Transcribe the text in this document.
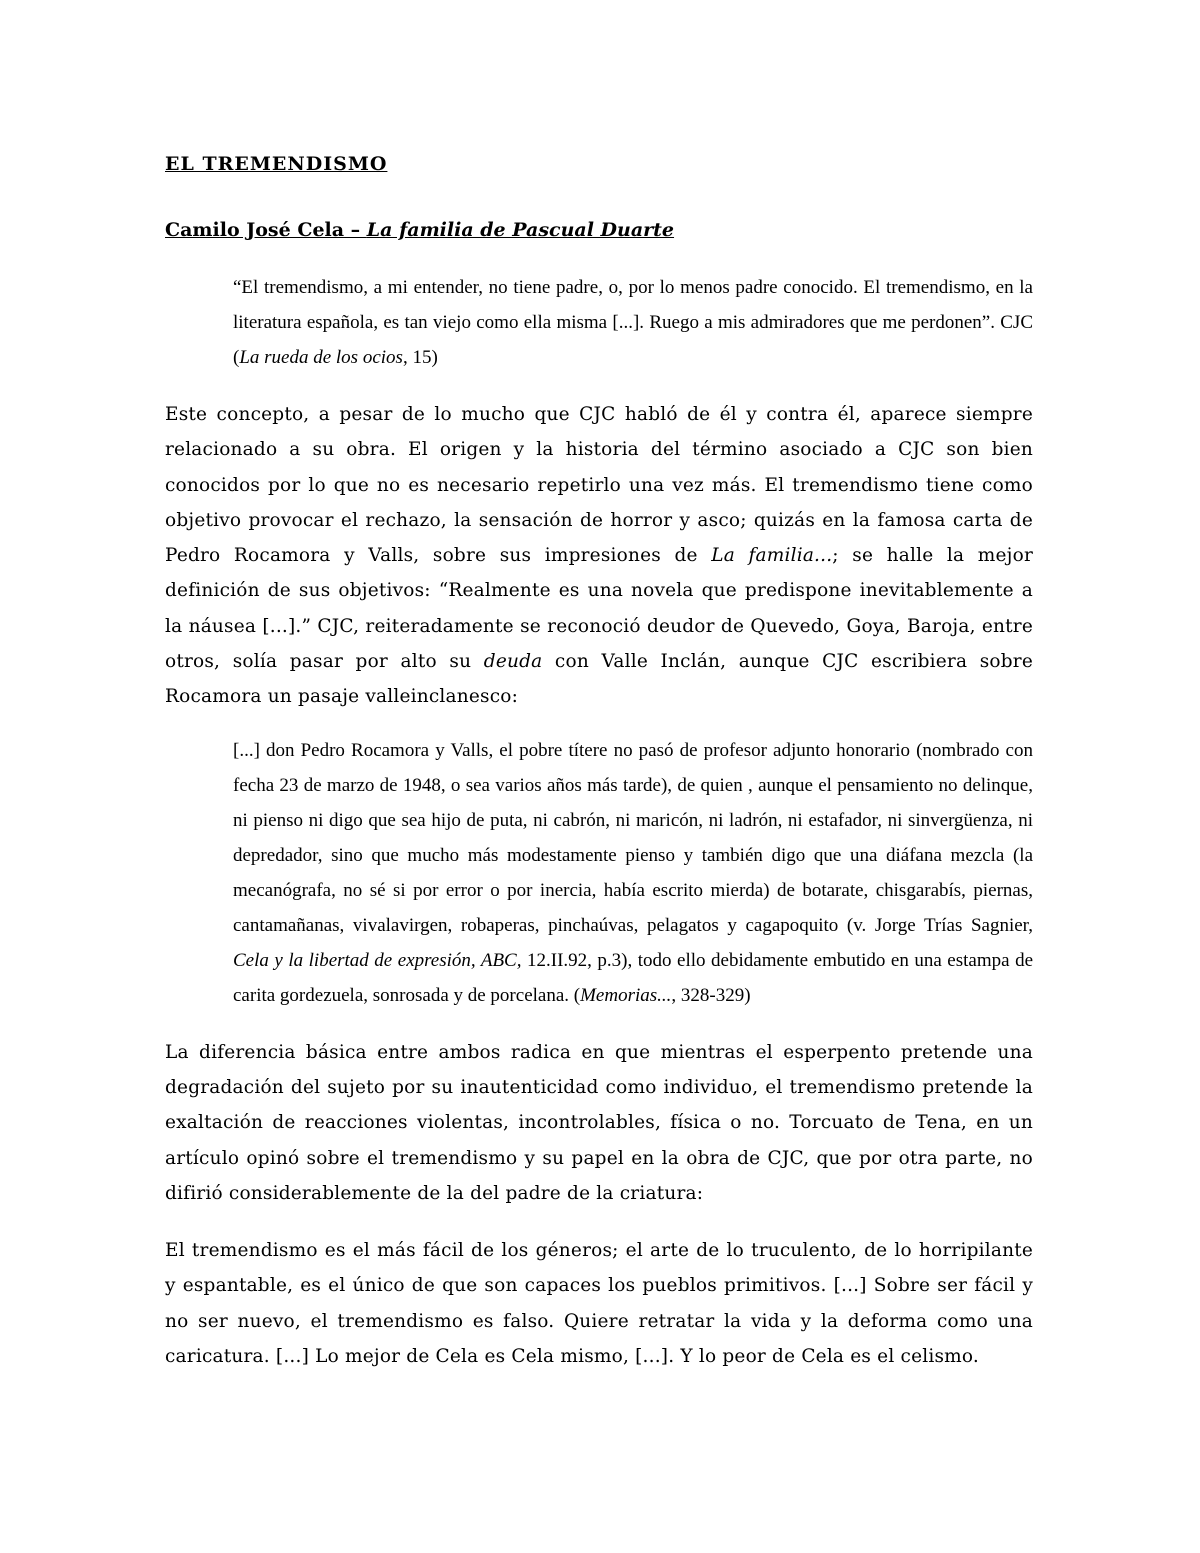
EL TREMENDISMO
Camilo José Cela – La familia de Pascual Duarte

“El tremendismo, a mi entender, no tiene padre, o, por lo menos padre conocido. El tremendismo, en la literatura española, es tan viejo como ella misma [...]. Ruego a mis admiradores que me perdonen”. CJC (La rueda de los ocios, 15)

Este concepto, a pesar de lo mucho que CJC habló de él y contra él, aparece siempre relacionado a su obra. El origen y la historia del término asociado a CJC son bien conocidos por lo que no es necesario repetirlo una vez más. El tremendismo tiene como objetivo provocar el rechazo, la sensación de horror y asco; quizás en la famosa carta de Pedro Rocamora y Valls, sobre sus impresiones de La familia...; se halle la mejor definición de sus objetivos: “Realmente es una novela que predispone inevitablemente a la náusea [...].” CJC, reiteradamente se reconoció deudor de Quevedo, Goya, Baroja, entre otros, solía pasar por alto su deuda con Valle Inclán, aunque CJC escribiera sobre Rocamora un pasaje valleinclanesco:

[...] don Pedro Rocamora y Valls, el pobre títere no pasó de profesor adjunto honorario (nombrado con fecha 23 de marzo de 1948, o sea varios años más tarde), de quien , aunque el pensamiento no delinque, ni pienso ni digo que sea hijo de puta, ni cabrón, ni maricón, ni ladrón, ni estafador, ni sinvergüenza, ni depredador, sino que mucho más modestamente pienso y también digo que una diáfana mezcla (la mecanógrafa, no sé si por error o por inercia, había escrito mierda) de botarate, chisgarabís, piernas, cantamañanas, vivalavirgen, robaperas, pinchaúvas, pelagatos y cagapoquito (v. Jorge Trías Sagnier, Cela y la libertad de expresión, ABC, 12.II.92, p.3), todo ello debidamente embutido en una estampa de carita gordezuela, sonrosada y de porcelana. (Memorias..., 328-329)

La diferencia básica entre ambos radica en que mientras el esperpento pretende una degradación del sujeto por su inautenticidad como individuo, el tremendismo pretende la exaltación de reacciones violentas, incontrolables, física o no. Torcuato de Tena, en un artículo opinó sobre el tremendismo y su papel en la obra de CJC, que por otra parte, no difirió considerablemente de la del padre de la criatura:

El tremendismo es el más fácil de los géneros; el arte de lo truculento, de lo horripilante y espantable, es el único de que son capaces los pueblos primitivos. [...] Sobre ser fácil y no ser nuevo, el tremendismo es falso. Quiere retratar la vida y la deforma como una caricatura. [...] Lo mejor de Cela es Cela mismo, [...]. Y lo peor de Cela es el celismo.
